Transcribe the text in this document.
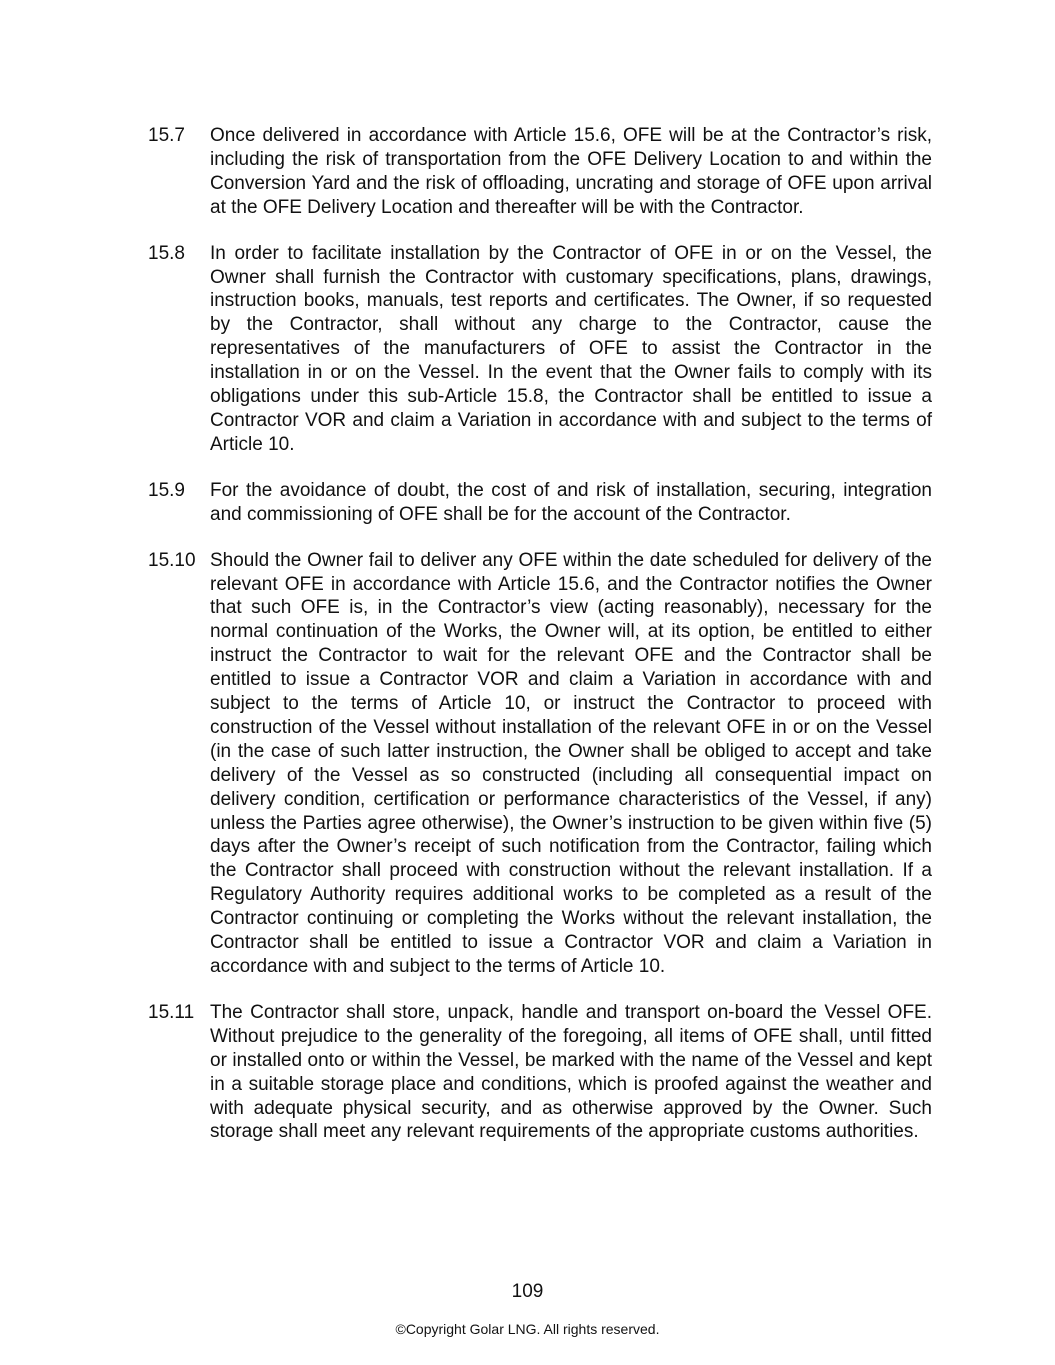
15.7	Once delivered in accordance with Article 15.6, OFE will be at the Contractor’s risk, including the risk of transportation from the OFE Delivery Location to and within the Conversion Yard and the risk of offloading, uncrating and storage of OFE upon arrival at the OFE Delivery Location and thereafter will be with the Contractor.
15.8	In order to facilitate installation by the Contractor of OFE in or on the Vessel, the Owner shall furnish the Contractor with customary specifications, plans, drawings, instruction books, manuals, test reports and certificates. The Owner, if so requested by the Contractor, shall without any charge to the Contractor, cause the representatives of the manufacturers of OFE to assist the Contractor in the installation in or on the Vessel. In the event that the Owner fails to comply with its obligations under this sub-Article 15.8, the Contractor shall be entitled to issue a Contractor VOR and claim a Variation in accordance with and subject to the terms of Article 10.
15.9	For the avoidance of doubt, the cost of and risk of installation, securing, integration and commissioning of OFE shall be for the account of the Contractor.
15.10 Should the Owner fail to deliver any OFE within the date scheduled for delivery of the relevant OFE in accordance with Article 15.6, and the Contractor notifies the Owner that such OFE is, in the Contractor’s view (acting reasonably), necessary for the normal continuation of the Works, the Owner will, at its option, be entitled to either instruct the Contractor to wait for the relevant OFE and the Contractor shall be entitled to issue a Contractor VOR and claim a Variation in accordance with and subject to the terms of Article 10, or instruct the Contractor to proceed with construction of the Vessel without installation of the relevant OFE in or on the Vessel (in the case of such latter instruction, the Owner shall be obliged to accept and take delivery of the Vessel as so constructed (including all consequential impact on delivery condition, certification or performance characteristics of the Vessel, if any) unless the Parties agree otherwise), the Owner’s instruction to be given within five (5) days after the Owner’s receipt of such notification from the Contractor, failing which the Contractor shall proceed with construction without the relevant installation. If a Regulatory Authority requires additional works to be completed as a result of the Contractor continuing or completing the Works without the relevant installation, the Contractor shall be entitled to issue a Contractor VOR and claim a Variation in accordance with and subject to the terms of Article 10.
15.11 The Contractor shall store, unpack, handle and transport on-board the Vessel OFE. Without prejudice to the generality of the foregoing, all items of OFE shall, until fitted or installed onto or within the Vessel, be marked with the name of the Vessel and kept in a suitable storage place and conditions, which is proofed against the weather and with adequate physical security, and as otherwise approved by the Owner. Such storage shall meet any relevant requirements of the appropriate customs authorities.
109
©Copyright Golar LNG. All rights reserved.
